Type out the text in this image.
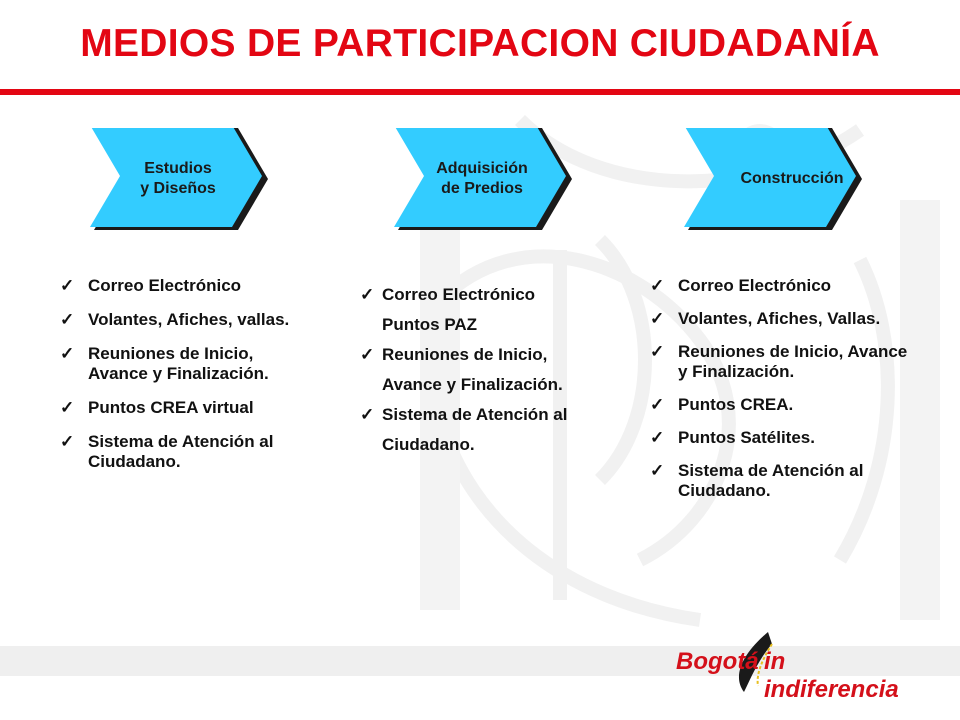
MEDIOS DE PARTICIPACION CIUDADANÍA
Estudios
y Diseños
Adquisición
de Predios
Construcción
✓ Correo Electrónico
✓ Volantes, Afiches, vallas.
✓ Reuniones de Inicio, Avance y Finalización.
✓ Puntos CREA virtual
✓ Sistema de Atención al Ciudadano.
✓ Correo Electrónico Puntos PAZ
✓ Reuniones de Inicio, Avance y Finalización.
✓ Sistema de Atención al Ciudadano.
✓ Correo Electrónico
✓ Volantes, Afiches, Vallas.
✓ Reuniones de Inicio, Avance y Finalización.
✓ Puntos CREA.
✓ Puntos Satélites.
✓ Sistema de Atención al Ciudadano.
Bogotá in indiferencia
